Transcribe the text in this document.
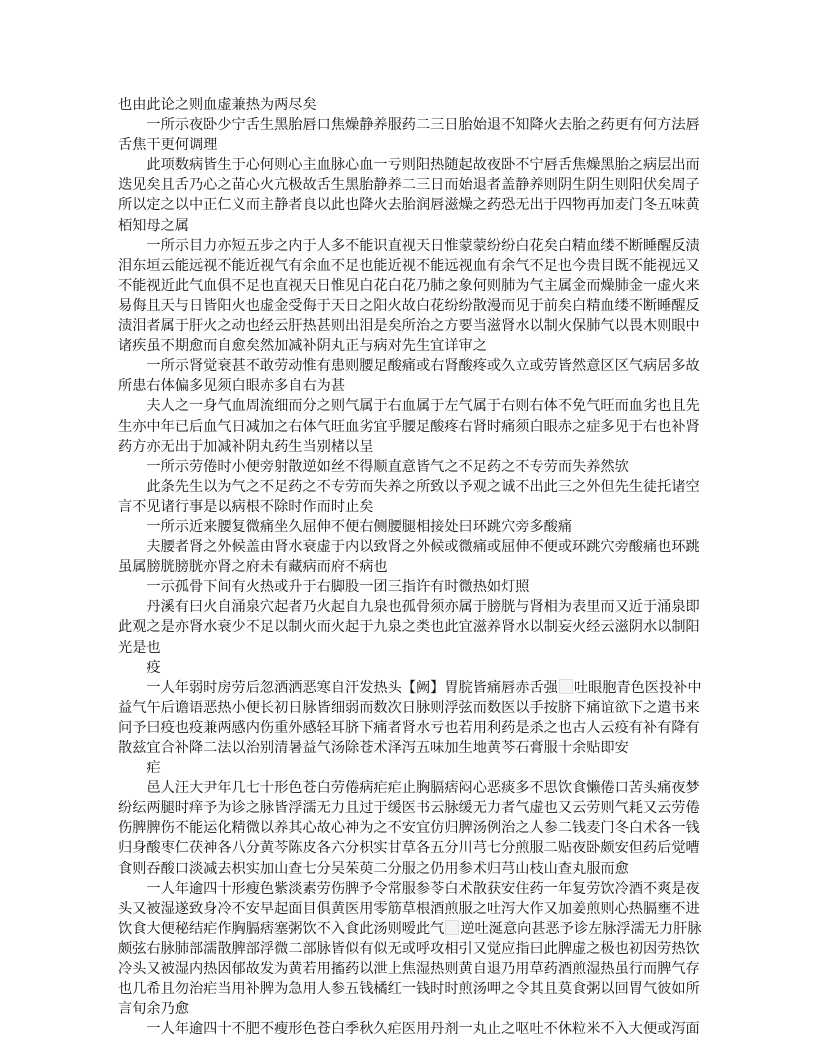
也由此论之则血虚兼热为两尽矣
一所示夜卧少宁舌生黑胎唇口焦燥静养服药二三日胎始退不知降火去胎之药更有何方法唇
舌焦干更何调理
此项数病皆生于心何则心主血脉心血一亏则阳热随起故夜卧不宁唇舌焦燥黑胎之病层出而
迭见矣且舌乃心之苗心火亢极故舌生黑胎静养二三日而始退者盖静养则阴生阴生则阳伏矣周子
所以定之以中正仁义而主静者良以此也降火去胎润唇滋燥之药恐无出于四物再加麦门冬五味黄
栢知母之属
一所示目力亦短五步之内于人多不能识直视天日惟蒙蒙纷纷白花矣白精血缕不断睡醒反渍
泪东垣云能远视不能近视气有余血不足也能近视不能远视血有余气不足也今贵目既不能视远又
不能视近此气血俱不足也直视天日惟见白花白花乃肺之象何则肺为气主属金而燥肺金一虚火来
易侮且天与日皆阳火也虚金受侮于天日之阳火故白花纷纷散漫而见于前矣白精血缕不断睡醒反
渍泪者属于肝火之动也经云肝热甚则出泪是矣所治之方要当滋肾水以制火保肺气以畏木则眼中
诸疾虽不期愈而自愈矣然加减补阴丸正与病对先生宜详审之
一所示肾觉衰甚不敢劳动惟有患则腰足酸痛或右肾酸疼或久立或劳皆然意区区气病居多故
所患右体偏多见须白眼赤多自右为甚
夫人之一身气血周流细而分之则气属于右血属于左气属于右则右体不免气旺而血劣也且先
生亦中年已后血气日减加之右体气旺血劣宜乎腰足酸疼右肾时痛须白眼赤之症多见于右也补肾
药方亦无出于加减补阴丸药生当别楮以呈
一所示劳倦时小便旁射散逆如丝不得顺直意皆气之不足药之不专劳而失养然欤
此条先生以为气之不足药之不专劳而失养之所致以予观之诚不出此三之外但先生徒托诸空
言不见诸行事是以病根不除时作而时止矣
一所示近来腰复微痛坐久屈伸不便右侧腰腿相接处曰环跳穴旁多酸痛
夫腰者肾之外候盖由肾水衰虚于内以致肾之外候或微痛或屈伸不便或环跳穴旁酸痛也环跳
虽属膀胱膀胱亦肾之府未有藏病而府不病也
一示孤骨下间有火热或升于右脚股一团三指许有时微热如灯照
丹溪有曰火自涌泉穴起者乃火起自九泉也孤骨须亦属于膀胱与肾相为表里而又近于涌泉即
此观之是亦肾水衰少不足以制火而火起于九泉之类也此宜滋养肾水以制妄火经云滋阴水以制阳
光是也
疫
一人年弱时房劳后忽洒洒恶寒自汗发热头【阙】胃脘皆痛唇赤舌强 吐眼胞青色医投补中
益气午后谵语恶热小便长初日脉皆细弱而数次日脉则浮弦而数医以手按脐下痛谊欲下之遣书来
问予曰疫也疫兼两感内伤重外感轻耳脐下痛者肾水亏也若用利药是杀之也古人云疫有补有降有
散兹宜合补降二法以治别清暑益气汤除苍术泽泻五味加生地黄芩石膏服十余贴即安
疟
邑人汪大尹年几七十形色苍白劳倦病疟疟止胸膈痞闷心恶痰多不思饮食懒倦口苦头痛夜梦
纷纭两腿时痒予为诊之脉皆浮濡无力且过于缓医书云脉缓无力者气虚也又云劳则气耗又云劳倦
伤脾脾伤不能运化精微以养其心故心神为之不安宜仿归脾汤例治之人参二钱麦门冬白术各一钱
归身酸枣仁茯神各八分黄芩陈皮各六分枳实甘草各五分川芎七分煎服二贴夜卧颇安但药后觉嘈
食则吞酸口淡减去枳实加山查七分吴茱萸二分服之仍用参术归芎山枝山查丸服而愈
一人年逾四十形瘦色紫淡素劳伤脾予令常服参苓白术散获安住药一年复劳饮冷酒不爽是夜
头又被湿遂致身冷不安早起面目俱黄医用零筋草根酒煎服之吐泻大作又加姜煎则心热膈壅不进
饮食大便秘结疟作胸膈痞塞粥饮不入食此汤则嗳此气 逆吐涎意向甚恶予诊左脉浮濡无力肝脉
颇弦右脉肺部濡散脾部浮微二部脉皆似有似无或呼攻相引又觉应指曰此脾虚之极也初因劳热饮
冷头又被湿内热因郁故发为黄若用搐药以泄上焦湿热则黄自退乃用草药酒煎湿热虽行而脾气存
也几希且勿治疟当用补脾为急用人参五钱橘红一钱时时煎汤呷之令其且莫食粥以回胃气彼如所
言旬余乃愈
一人年逾四十不肥不瘦形色苍白季秋久疟医用丹剂一丸止之呕吐不休粒米不入大便或泻面
